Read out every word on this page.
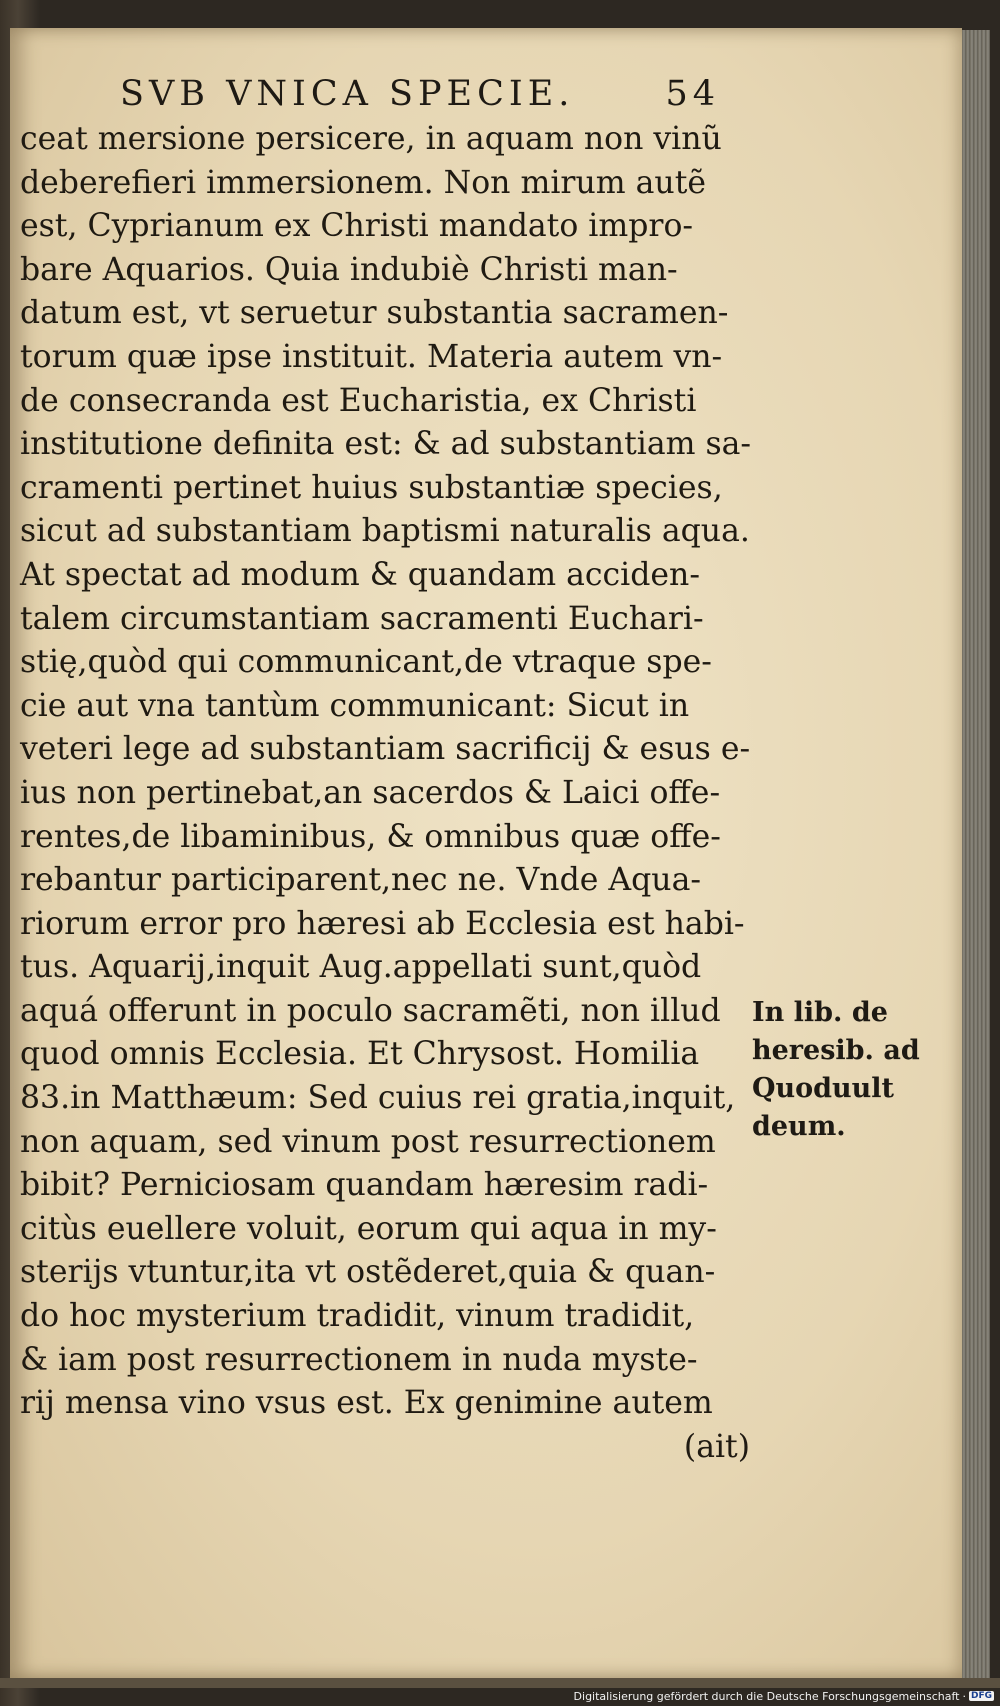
SVB VNICA SPECIE.	54
ceat mersione persicere, in aquam non vinũ
deberefieri immersionem. Non mirum autẽ
est, Cyprianum ex Christi mandato impro-
bare Aquarios. Quia indubiè Christi man-
datum est, vt seruetur substantia sacramen-
torum quæ ipse instituit. Materia autem vn-
de consecranda est Eucharistia, ex Christi
institutione definita est: & ad substantiam sa-
cramenti pertinet huius substantiæ species,
sicut ad substantiam baptismi naturalis aqua.
At spectat ad modum & quandam acciden-
talem circumstantiam sacramenti Euchari-
stię,quòd qui communicant,de vtraque spe-
cie aut vna tantùm communicant: Sicut in
veteri lege ad substantiam sacrificij & esus e-
ius non pertinebat,an sacerdos & Laici offe-
rentes,de libaminibus, & omnibus quæ offe-
rebantur participarent,nec ne. Vnde Aqua-
riorum error pro hæresi ab Ecclesia est habi-
tus. Aquarij,inquit Aug.appellati sunt,quòd
aquá offerunt in poculo sacramẽti, non illud
quod omnis Ecclesia. Et Chrysost. Homilia
83.in Matthæum: Sed cuius rei gratia,inquit,
non aquam, sed vinum post resurrectionem
bibit? Perniciosam quandam hæresim radi-
citùs euellere voluit, eorum qui aqua in my-
sterijs vtuntur,ita vt ostẽderet,quia & quan-
do hoc mysterium tradidit, vinum tradidit,
& iam post resurrectionem in nuda myste-
rij mensa vino vsus est. Ex genimine autem
(ait)
In lib. de
heresib. ad
Quoduult
deum.
Digitalisierung gefördert durch die Deutsche Forschungsgemeinschaft · DFG
